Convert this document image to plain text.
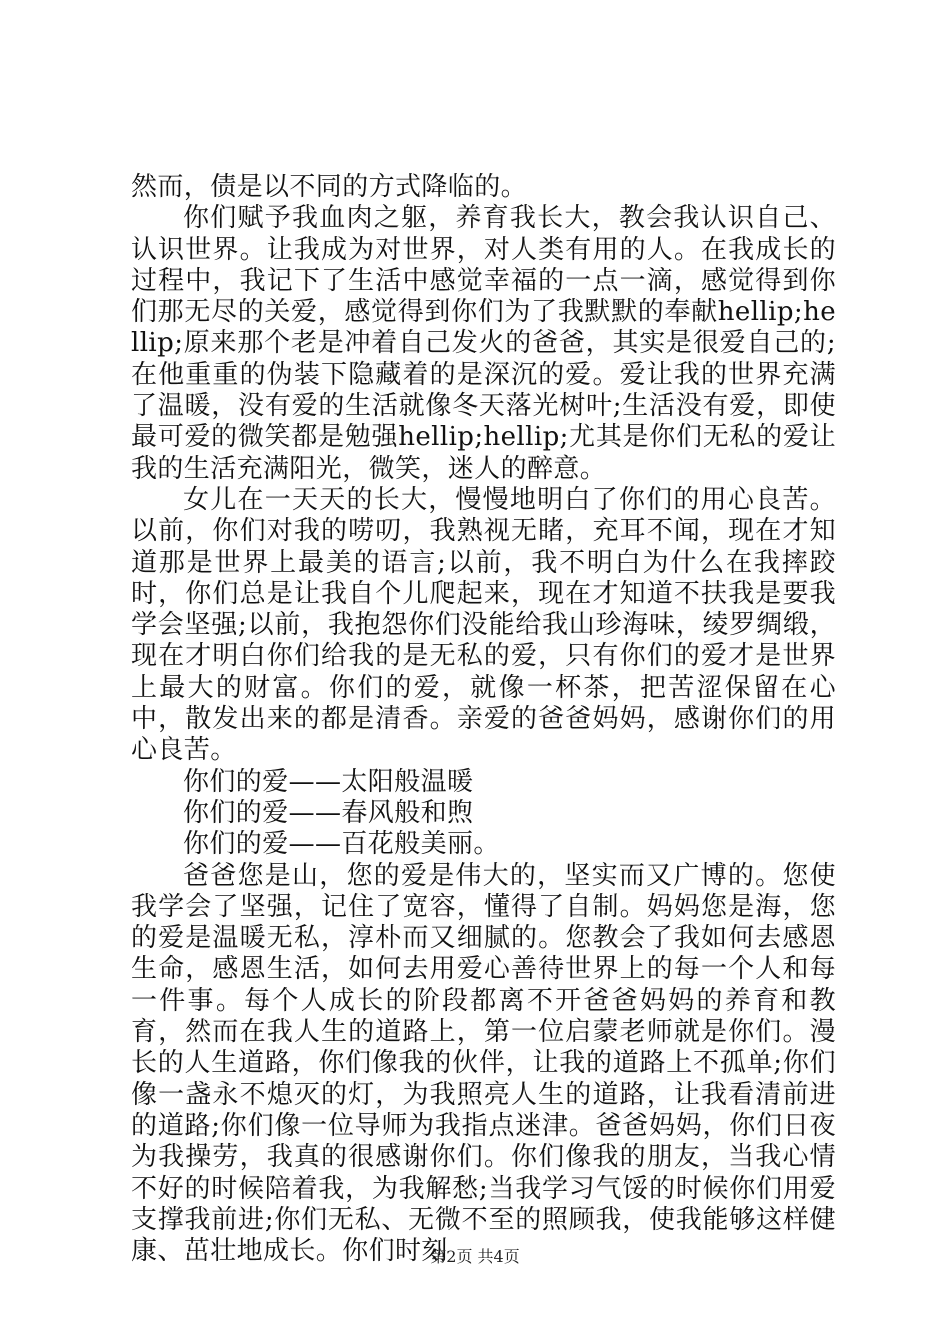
然而，债是以不同的方式降临的。

你们赋予我血肉之躯，养育我长大，教会我认识自己、认识世界。让我成为对世界，对人类有用的人。在我成长的过程中，我记下了生活中感觉幸福的一点一滴，感觉得到你们那无尽的关爱，感觉得到你们为了我默默的奉献hellip;hellip;原来那个老是冲着自己发火的爸爸，其实是很爱自己的;在他重重的伪装下隐藏着的是深沉的爱。爱让我的世界充满了温暖，没有爱的生活就像冬天落光树叶;生活没有爱，即使最可爱的微笑都是勉强hellip;hellip;尤其是你们无私的爱让我的生活充满阳光，微笑，迷人的醉意。

女儿在一天天的长大，慢慢地明白了你们的用心良苦。以前，你们对我的唠叨，我熟视无睹，充耳不闻，现在才知道那是世界上最美的语言;以前，我不明白为什么在我摔跤时，你们总是让我自个儿爬起来，现在才知道不扶我是要我学会坚强;以前，我抱怨你们没能给我山珍海味，绫罗绸缎，现在才明白你们给我的是无私的爱，只有你们的爱才是世界上最大的财富。你们的爱，就像一杯茶，把苦涩保留在心中，散发出来的都是清香。亲爱的爸爸妈妈，感谢你们的用心良苦。

你们的爱——太阳般温暖

你们的爱——春风般和煦

你们的爱——百花般美丽。

爸爸您是山，您的爱是伟大的，坚实而又广博的。您使我学会了坚强，记住了宽容，懂得了自制。妈妈您是海，您的爱是温暖无私，淳朴而又细腻的。您教会了我如何去感恩生命，感恩生活，如何去用爱心善待世界上的每一个人和每一件事。每个人成长的阶段都离不开爸爸妈妈的养育和教育，然而在我人生的道路上，第一位启蒙老师就是你们。漫长的人生道路，你们像我的伙伴，让我的道路上不孤单;你们像一盏永不熄灭的灯，为我照亮人生的道路，让我看清前进的道路;你们像一位导师为我指点迷津。爸爸妈妈，你们日夜为我操劳，我真的很感谢你们。你们像我的朋友，当我心情不好的时候陪着我，为我解愁;当我学习气馁的时候你们用爱支撑我前进;你们无私、无微不至的照顾我，使我能够这样健康、茁壮地成长。你们时刻

第2页 共4页
